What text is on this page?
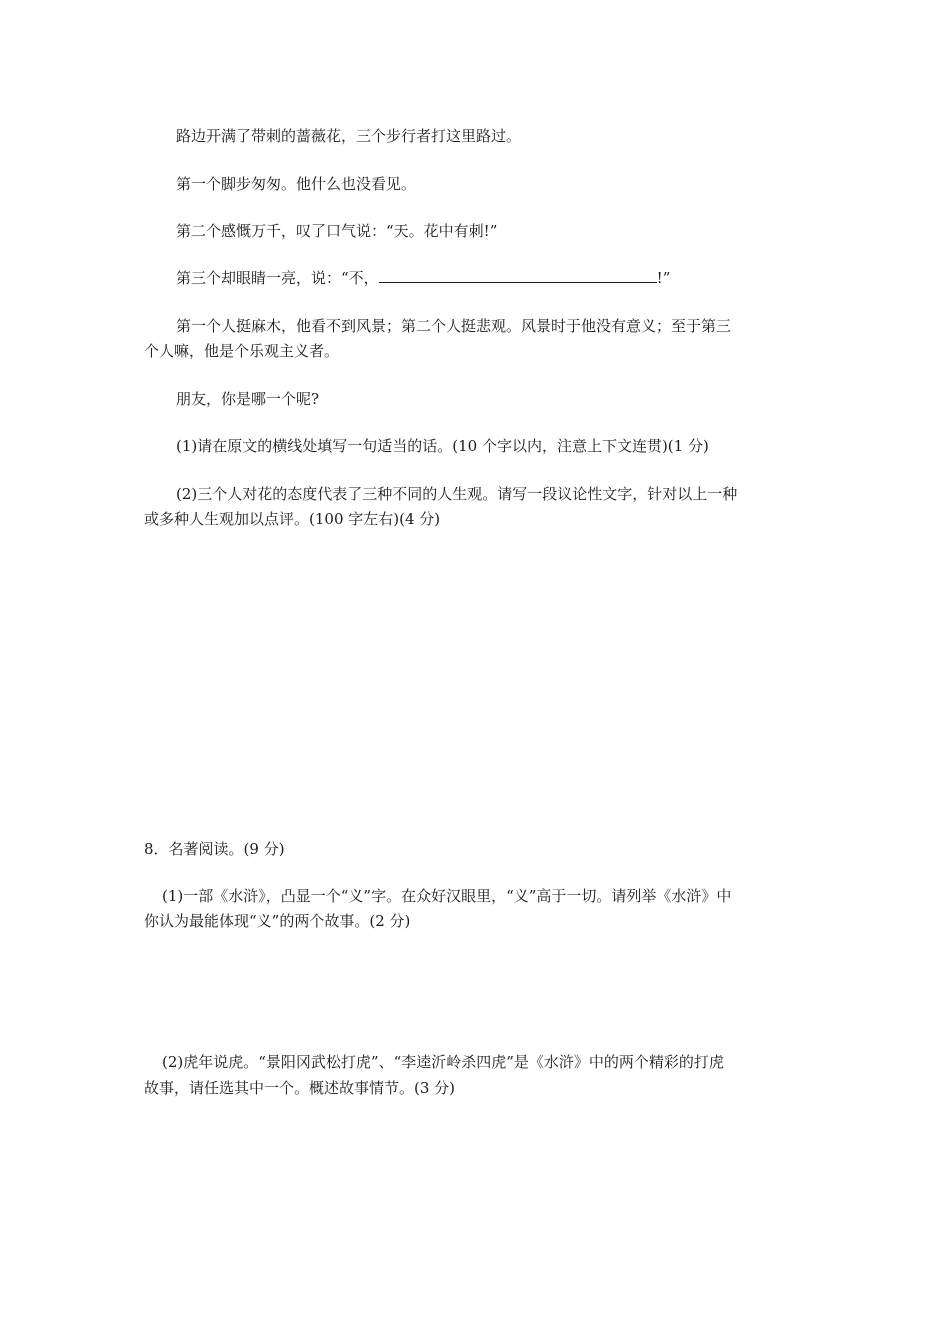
路边开满了带刺的蔷薇花，三个步行者打这里路过。
第一个脚步匆匆。他什么也没看见。
第二个感慨万千，叹了口气说：“天。花中有刺!”
第三个却眼睛一亮，说：“不，	!”
第一个人挺麻木，他看不到风景；第二个人挺悲观。风景时于他没有意义；至于第三
个人嘛，他是个乐观主义者。
朋友，你是哪一个呢?
(1)请在原文的横线处填写一句适当的话。(10 个字以内，注意上下文连贯)(1 分)
(2)三个人对花的态度代表了三种不同的人生观。请写一段议论性文字，针对以上一种
或多种人生观加以点评。(100 字左右)(4 分)
8．名著阅读。(9 分)
(1)一部《水浒》，凸显一个“义”字。在众好汉眼里，“义”高于一切。请列举《水浒》中
你认为最能体现“义”的两个故事。(2 分)
(2)虎年说虎。“景阳冈武松打虎”、“李逵沂岭杀四虎”是《水浒》中的两个精彩的打虎
故事，请任选其中一个。概述故事情节。(3 分)
